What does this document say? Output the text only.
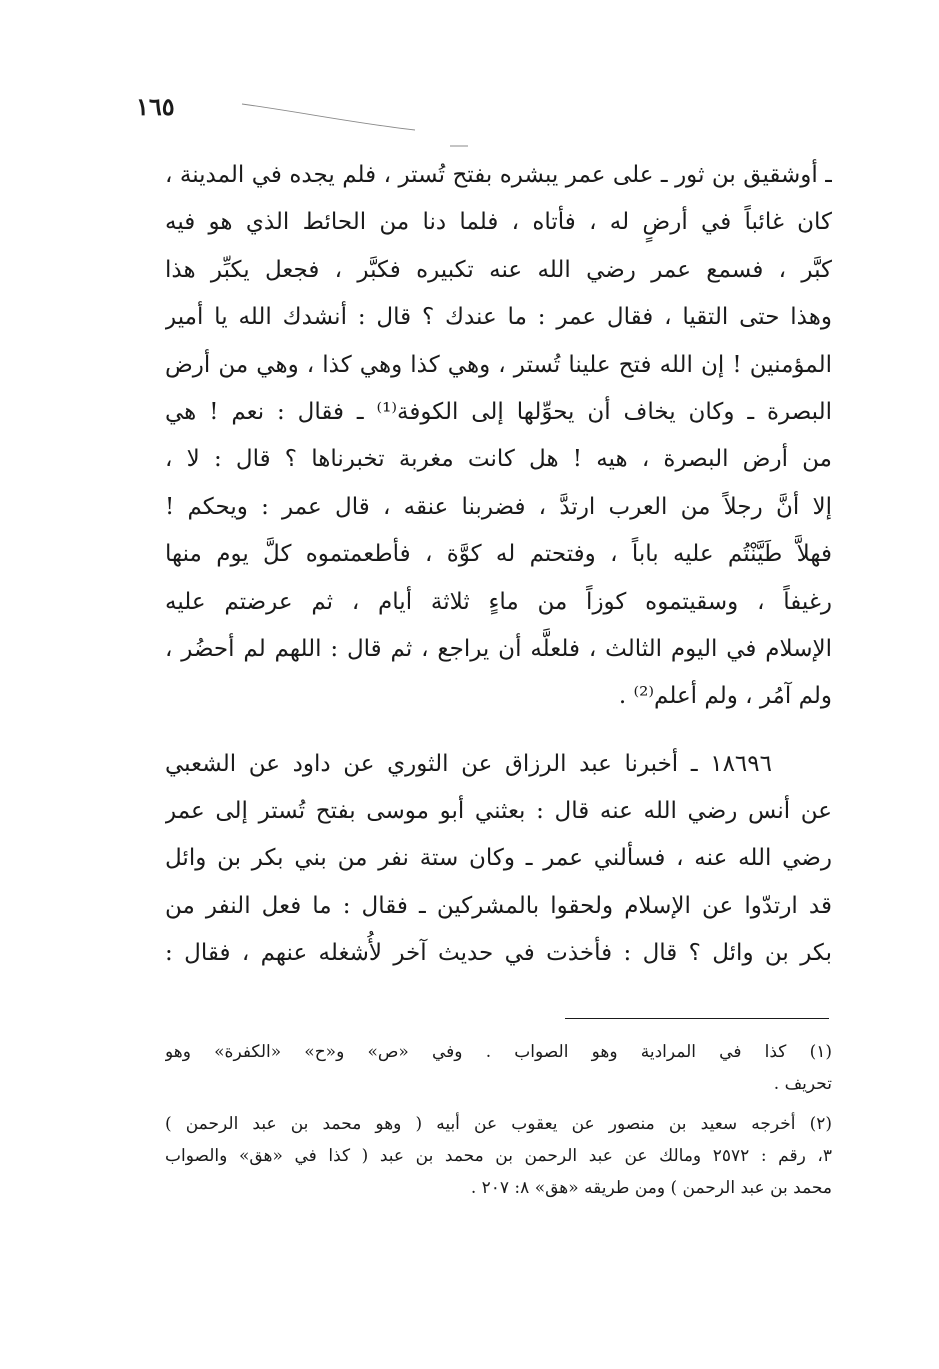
١٦٥
ـ أوشقيق بن ثور ـ على عمر يبشره بفتح تُستر ، فلم يجده في المدينة ،
كان غائباً في أرضٍ له ، فأتاه ، فلما دنا من الحائط الذي هو فيه
كبَّر ، فسمع عمر رضي الله عنه تكبيره فكبَّر ، فجعل يكبِّر هذا
وهذا حتى التقيا ، فقال عمر : ما عندك ؟ قال : أنشدك الله يا أمير
المؤمنين ! إن الله فتح علينا تُستر ، وهي كذا وهي كذا ، وهي من أرض
البصرة ـ وكان يخاف أن يحوِّلها إلى الكوفة⁽¹⁾ ـ فقال : نعم ! هي
من أرض البصرة ، هيه ! هل كانت مغربة تخبرناها ؟ قال : لا ،
إلا أنَّ رجلاً من العرب ارتدَّ ، فضربنا عنقه ، قال عمر : ويحكم !
فهلاَّ طَيَّنْتُم عليه باباً ، وفتحتم له كوَّة ، فأطعمتموه كلَّ يوم منها
رغيفاً ، وسقيتموه كوزاً من ماءٍ ثلاثة أيام ، ثم عرضتم عليه
الإسلام في اليوم الثالث ، فلعلَّه أن يراجع ، ثم قال : اللهم لم أحضُر ،
ولم آمُر ، ولم أعلم⁽²⁾ .
١٨٦٩٦ ـ أخبرنا عبد الرزاق عن الثوري عن داود عن الشعبي
عن أنس رضي الله عنه قال : بعثني أبو موسى بفتح تُستر إلى عمر
رضي الله عنه ، فسألني عمر ـ وكان ستة نفر من بني بكر بن وائل
قد ارتدّوا عن الإسلام ولحقوا بالمشركين ـ فقال : ما فعل النفر من
بكر بن وائل ؟ قال : فأخذت في حديث آخر لأُشغله عنهم ، فقال :
(١) كذا في المرادية وهو الصواب . وفي «ص» و«ح» «الكفرة» وهو
تحريف .
(٢) أخرجه سعيد بن منصور عن يعقوب عن أبيه ( وهو محمد بن عبد الرحمن )
٣، رقم : ٢٥٧٢ ومالك عن عبد الرحمن بن محمد بن عبد ( كذا في «هق» والصواب
محمد بن عبد الرحمن ) ومن طريقه «هق» ٨: ٢٠٧ .
